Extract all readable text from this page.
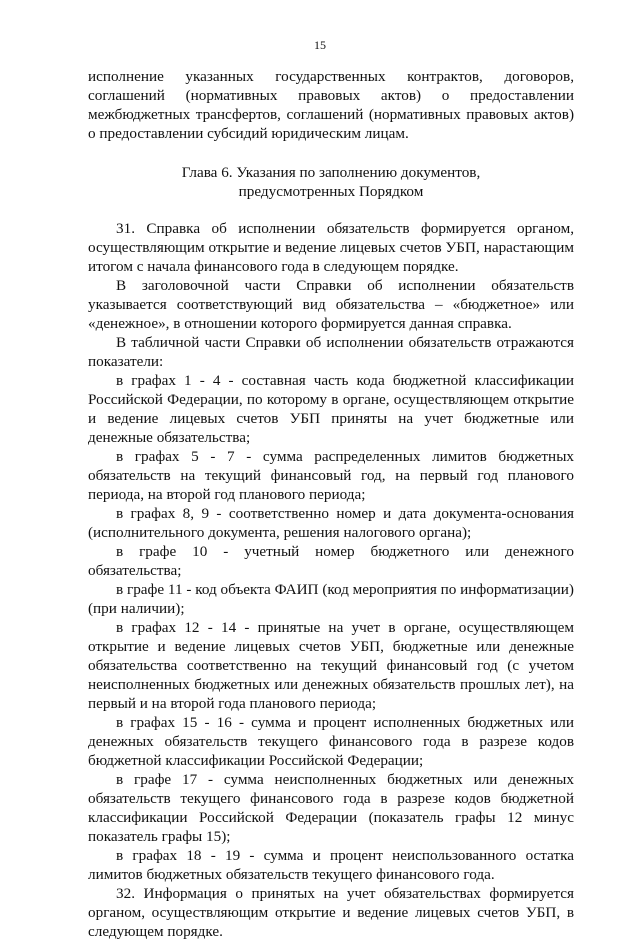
15

исполнение указанных государственных контрактов, договоров, соглашений (нормативных правовых актов) о предоставлении межбюджетных трансфертов, соглашений (нормативных правовых актов) о предоставлении субсидий юридическим лицам.

Глава 6. Указания по заполнению документов,
предусмотренных Порядком

31. Справка об исполнении обязательств формируется органом, осуществляющим открытие и ведение лицевых счетов УБП, нарастающим итогом с начала финансового года в следующем порядке.

В заголовочной части Справки об исполнении обязательств указывается соответствующий вид обязательства – «бюджетное» или «денежное», в отношении которого формируется данная справка.

В табличной части Справки об исполнении обязательств отражаются показатели:

в графах 1 - 4 - составная часть кода бюджетной классификации Российской Федерации, по которому в органе, осуществляющем открытие и ведение лицевых счетов УБП приняты на учет бюджетные или денежные обязательства;

в графах 5 - 7 - сумма распределенных лимитов бюджетных обязательств на текущий финансовый год, на первый год планового периода, на второй год планового периода;

в графах 8, 9 - соответственно номер и дата документа-основания (исполнительного документа, решения налогового органа);

в графе 10 - учетный номер бюджетного или денежного обязательства;

в графе 11 - код объекта ФАИП (код мероприятия по информатизации) (при наличии);

в графах 12 - 14 - принятые на учет в органе, осуществляющем открытие и ведение лицевых счетов УБП, бюджетные или денежные обязательства соответственно на текущий финансовый год (с учетом неисполненных бюджетных или денежных обязательств прошлых лет), на первый и на второй года планового периода;

в графах 15 - 16 - сумма и процент исполненных бюджетных или денежных обязательств текущего финансового года в разрезе кодов бюджетной классификации Российской Федерации;

в графе 17 - сумма неисполненных бюджетных или денежных обязательств текущего финансового года в разрезе кодов бюджетной классификации Российской Федерации (показатель графы 12 минус показатель графы 15);

в графах 18 - 19 - сумма и процент неиспользованного остатка лимитов бюджетных обязательств текущего финансового года.

32. Информация о принятых на учет обязательствах формируется органом, осуществляющим открытие и ведение лицевых счетов УБП, в следующем порядке.
